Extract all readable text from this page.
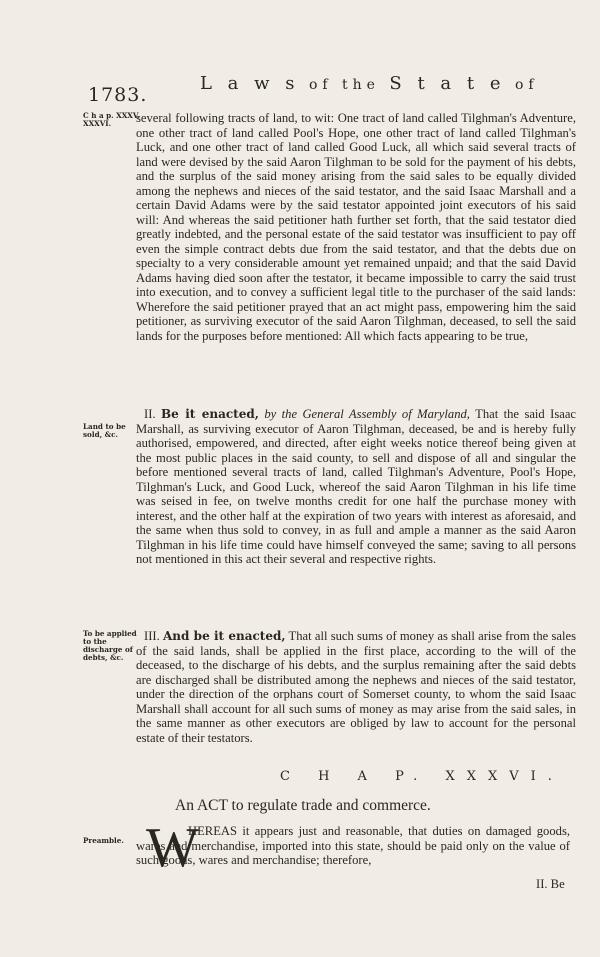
1783.
L a w s of the S t a t e of
C h a p. XXXV. XXXVI.
Land to be sold, &c.
To be applied to the discharge of debts, &c.
Preamble.

several following tracts of land, to wit: One tract of land called Tilghman's Adventure, one other tract of land called Pool's Hope, one other tract of land called Tilghman's Luck, and one other tract of land called Good Luck, all which said several tracts of land were devised by the said Aaron Tilghman to be sold for the payment of his debts, and the surplus of the said money arising from the said sales to be equally divided among the nephews and nieces of the said testator, and the said Isaac Marshall and a certain David Adams were by the said testator appointed joint executors of his said will: And whereas the said petitioner hath further set forth, that the said testator died greatly indebted, and the personal estate of the said testator was insufficient to pay off even the simple contract debts due from the said testator, and that the debts due on specialty to a very considerable amount yet remained unpaid; and that the said David Adams having died soon after the testator, it became impossible to carry the said trust into execution, and to convey a sufficient legal title to the purchaser of the said lands: Wherefore the said petitioner prayed that an act might pass, empowering him the said petitioner, as surviving executor of the said Aaron Tilghman, deceased, to sell the said lands for the purposes before mentioned: All which facts appearing to be true,

II. Be it enacted, by the General Assembly of Maryland, That the said Isaac Marshall, as surviving executor of Aaron Tilghman, deceased, be and is hereby fully authorised, empowered, and directed, after eight weeks notice thereof being given at the most public places in the said county, to sell and dispose of all and singular the before mentioned several tracts of land, called Tilghman's Adventure, Pool's Hope, Tilghman's Luck, and Good Luck, whereof the said Aaron Tilghman in his life time was seised in fee, on twelve months credit for one half the purchase money with interest, and the other half at the expiration of two years with interest as aforesaid, and the same when thus sold to convey, in as full and ample a manner as the said Aaron Tilghman in his life time could have himself conveyed the same; saving to all persons not mentioned in this act their several and respective rights.

III. And be it enacted, That all such sums of money as shall arise from the sales of the said lands, shall be applied in the first place, according to the will of the deceased, to the discharge of his debts, and the surplus remaining after the said debts are discharged shall be distributed among the nephews and nieces of the said testator, under the direction of the orphans court of Somerset county, to whom the said Isaac Marshall shall account for all such sums of money as may arise from the said sales, in the same manner as other executors are obliged by law to account for the personal estate of their testators.

C H A P. XXXVI.
An ACT to regulate trade and commerce.
W

HEREAS it appears just and reasonable, that duties on damaged goods, wares and merchandise, imported into this state, should be paid only on the value of such goods, wares and merchandise; therefore,

II. Be
